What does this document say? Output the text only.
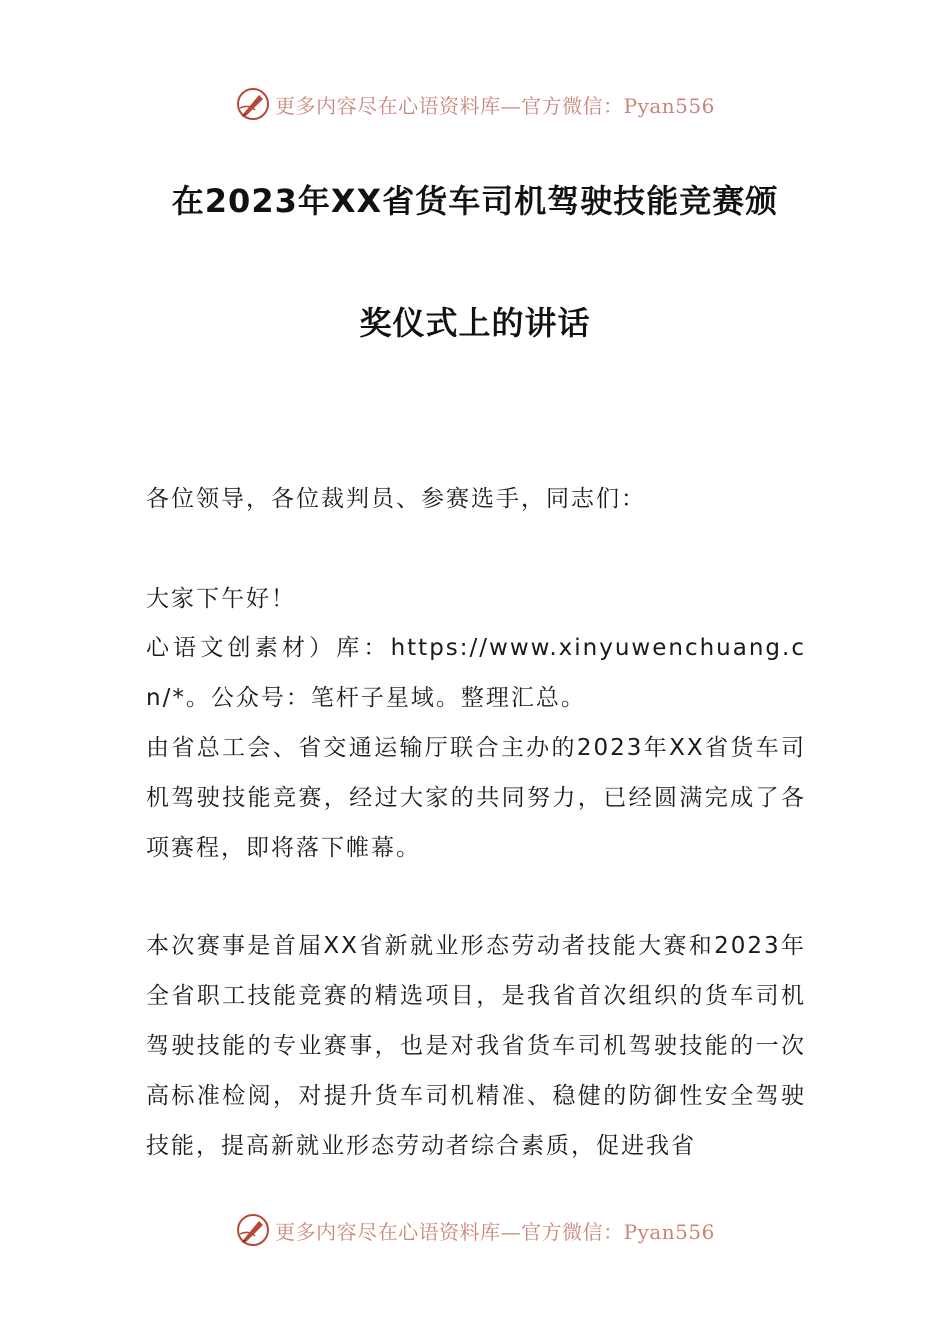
更多内容尽在心语资料库—官方微信：Pyan556
在2023年XX省货车司机驾驶技能竞赛颁
奖仪式上的讲话
各位领导，各位裁判员、参赛选手，同志们：
大家下午好！
心语文创素材）库：https://www.xinyuwenchuang.cn/*。公众号：笔杆子星域。整理汇总。
由省总工会、省交通运输厅联合主办的2023年XX省货车司机驾驶技能竞赛，经过大家的共同努力，已经圆满完成了各项赛程，即将落下帷幕。
本次赛事是首届XX省新就业形态劳动者技能大赛和2023年全省职工技能竞赛的精选项目，是我省首次组织的货车司机驾驶技能的专业赛事，也是对我省货车司机驾驶技能的一次高标准检阅，对提升货车司机精准、稳健的防御性安全驾驶技能，提高新就业形态劳动者综合素质，促进我省
更多内容尽在心语资料库—官方微信：Pyan556
